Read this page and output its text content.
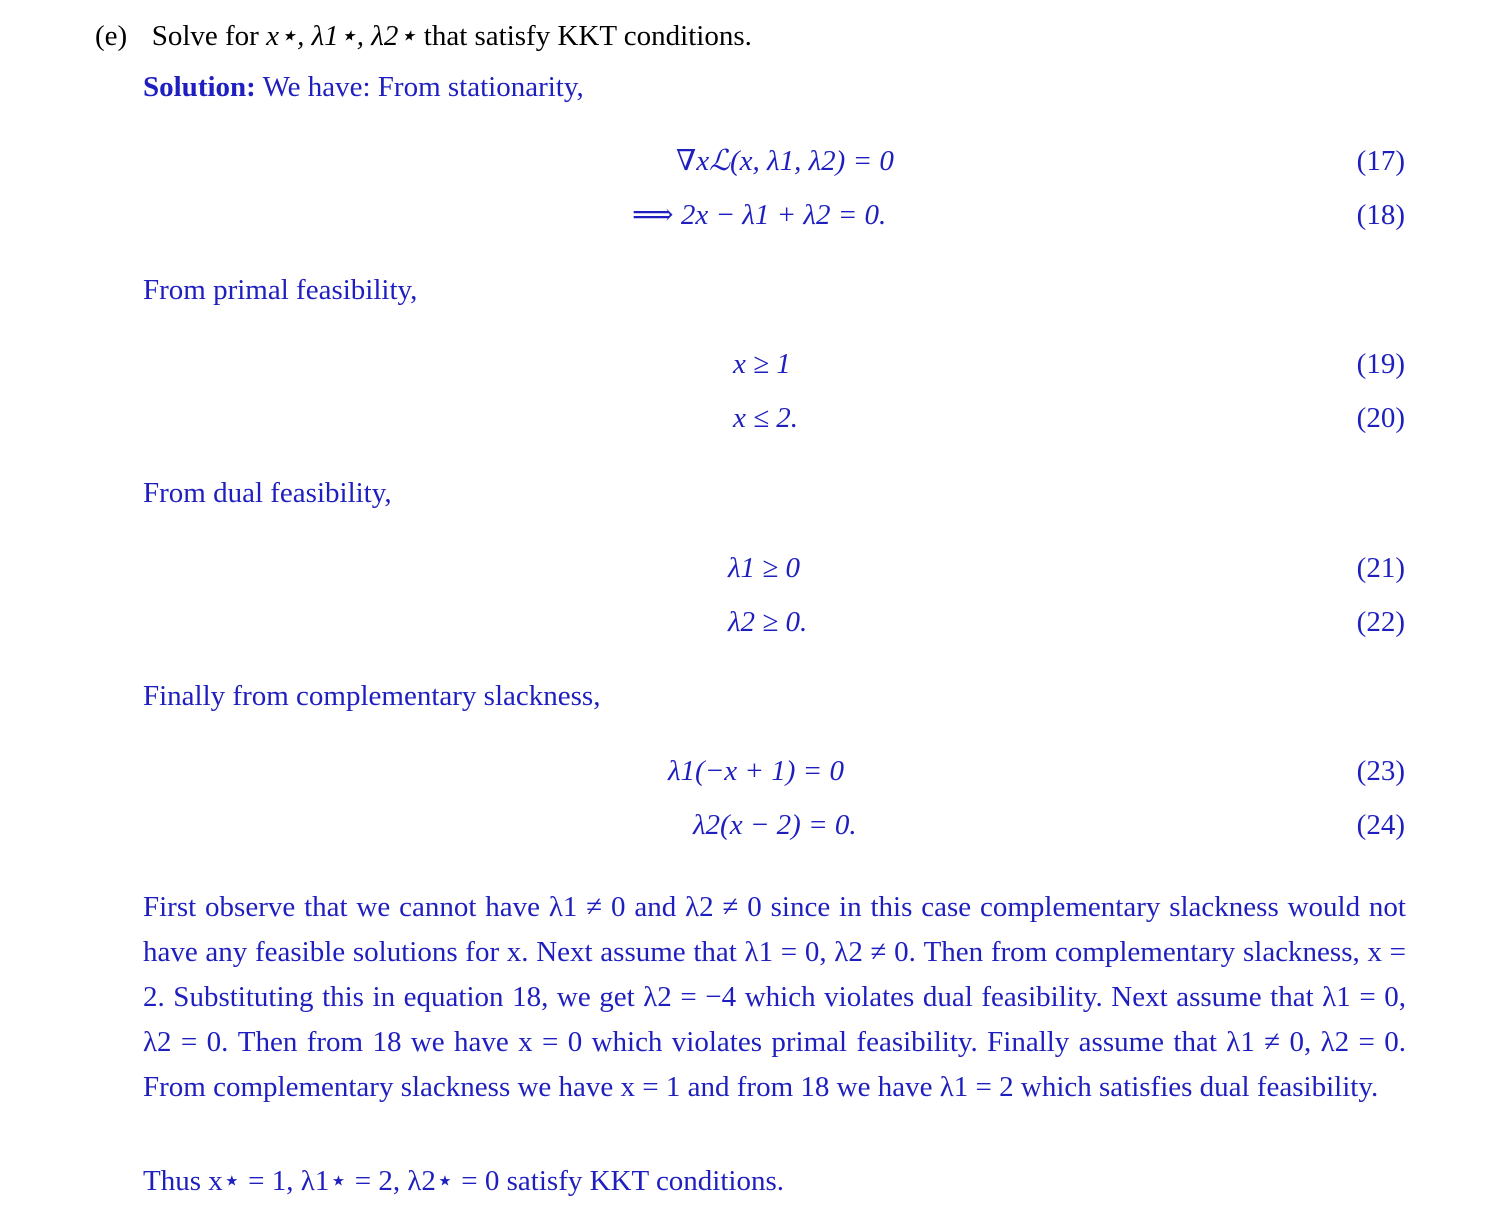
(e) Solve for x⋆, λ1⋆, λ2⋆ that satisfy KKT conditions.
Solution: We have: From stationarity,
∇xℒ(x, λ1, λ2) = 0	(17)
⟹ 2x − λ1 + λ2 = 0.	(18)
From primal feasibility,
x ≥ 1	(19)
x ≤ 2.	(20)
From dual feasibility,
λ1 ≥ 0	(21)
λ2 ≥ 0.	(22)
Finally from complementary slackness,
λ1(−x + 1) = 0	(23)
λ2(x − 2) = 0.	(24)
First observe that we cannot have λ1 ≠ 0 and λ2 ≠ 0 since in this case complementary slackness would not have any feasible solutions for x. Next assume that λ1 = 0, λ2 ≠ 0. Then from complementary slackness, x = 2. Substituting this in equation 18, we get λ2 = −4 which violates dual feasibility. Next assume that λ1 = 0, λ2 = 0. Then from 18 we have x = 0 which violates primal feasibility. Finally assume that λ1 ≠ 0, λ2 = 0. From complementary slackness we have x = 1 and from 18 we have λ1 = 2 which satisfies dual feasibility.
Thus x⋆ = 1, λ1⋆ = 2, λ2⋆ = 0 satisfy KKT conditions.
